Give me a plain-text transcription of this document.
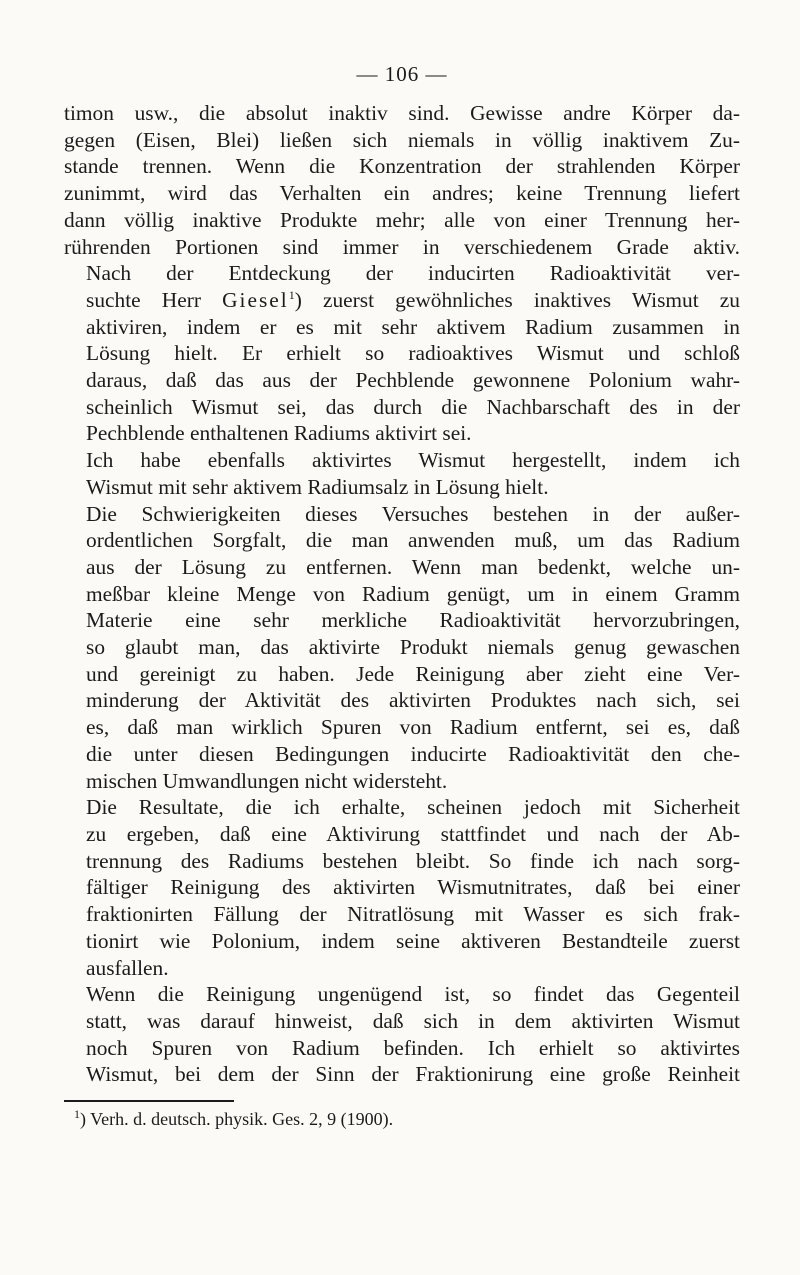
— 106 —

timon usw., die absolut inaktiv sind. Gewisse andre Körper da-
gegen (Eisen, Blei) ließen sich niemals in völlig inaktivem Zu-
stande trennen. Wenn die Konzentration der strahlenden Körper
zunimmt, wird das Verhalten ein andres; keine Trennung liefert
dann völlig inaktive Produkte mehr; alle von einer Trennung her-
rührenden Portionen sind immer in verschiedenem Grade aktiv.

Nach der Entdeckung der inducirten Radioaktivität ver-
suchte Herr Giesel$^1$) zuerst gewöhnliches inaktives Wismut zu
aktiviren, indem er es mit sehr aktivem Radium zusammen in
Lösung hielt. Er erhielt so radioaktives Wismut und schloß
daraus, daß das aus der Pechblende gewonnene Polonium wahr-
scheinlich Wismut sei, das durch die Nachbarschaft des in der
Pechblende enthaltenen Radiums aktivirt sei.

Ich habe ebenfalls aktivirtes Wismut hergestellt, indem ich
Wismut mit sehr aktivem Radiumsalz in Lösung hielt.

Die Schwierigkeiten dieses Versuches bestehen in der außer-
ordentlichen Sorgfalt, die man anwenden muß, um das Radium
aus der Lösung zu entfernen. Wenn man bedenkt, welche un-
meßbar kleine Menge von Radium genügt, um in einem Gramm
Materie eine sehr merkliche Radioaktivität hervorzubringen,
so glaubt man, das aktivirte Produkt niemals genug gewaschen
und gereinigt zu haben. Jede Reinigung aber zieht eine Ver-
minderung der Aktivität des aktivirten Produktes nach sich, sei
es, daß man wirklich Spuren von Radium entfernt, sei es, daß
die unter diesen Bedingungen inducirte Radioaktivität den che-
mischen Umwandlungen nicht widersteht.

Die Resultate, die ich erhalte, scheinen jedoch mit Sicherheit
zu ergeben, daß eine Aktivirung stattfindet und nach der Ab-
trennung des Radiums bestehen bleibt. So finde ich nach sorg-
fältiger Reinigung des aktivirten Wismutnitrates, daß bei einer
fraktionirten Fällung der Nitratlösung mit Wasser es sich frak-
tionirt wie Polonium, indem seine aktiveren Bestandteile zuerst
ausfallen.

Wenn die Reinigung ungenügend ist, so findet das Gegenteil
statt, was darauf hinweist, daß sich in dem aktivirten Wismut
noch Spuren von Radium befinden. Ich erhielt so aktivirtes
Wismut, bei dem der Sinn der Fraktionirung eine große Reinheit

$^1$) Verh. d. deutsch. physik. Ges. 2, 9 (1900).
